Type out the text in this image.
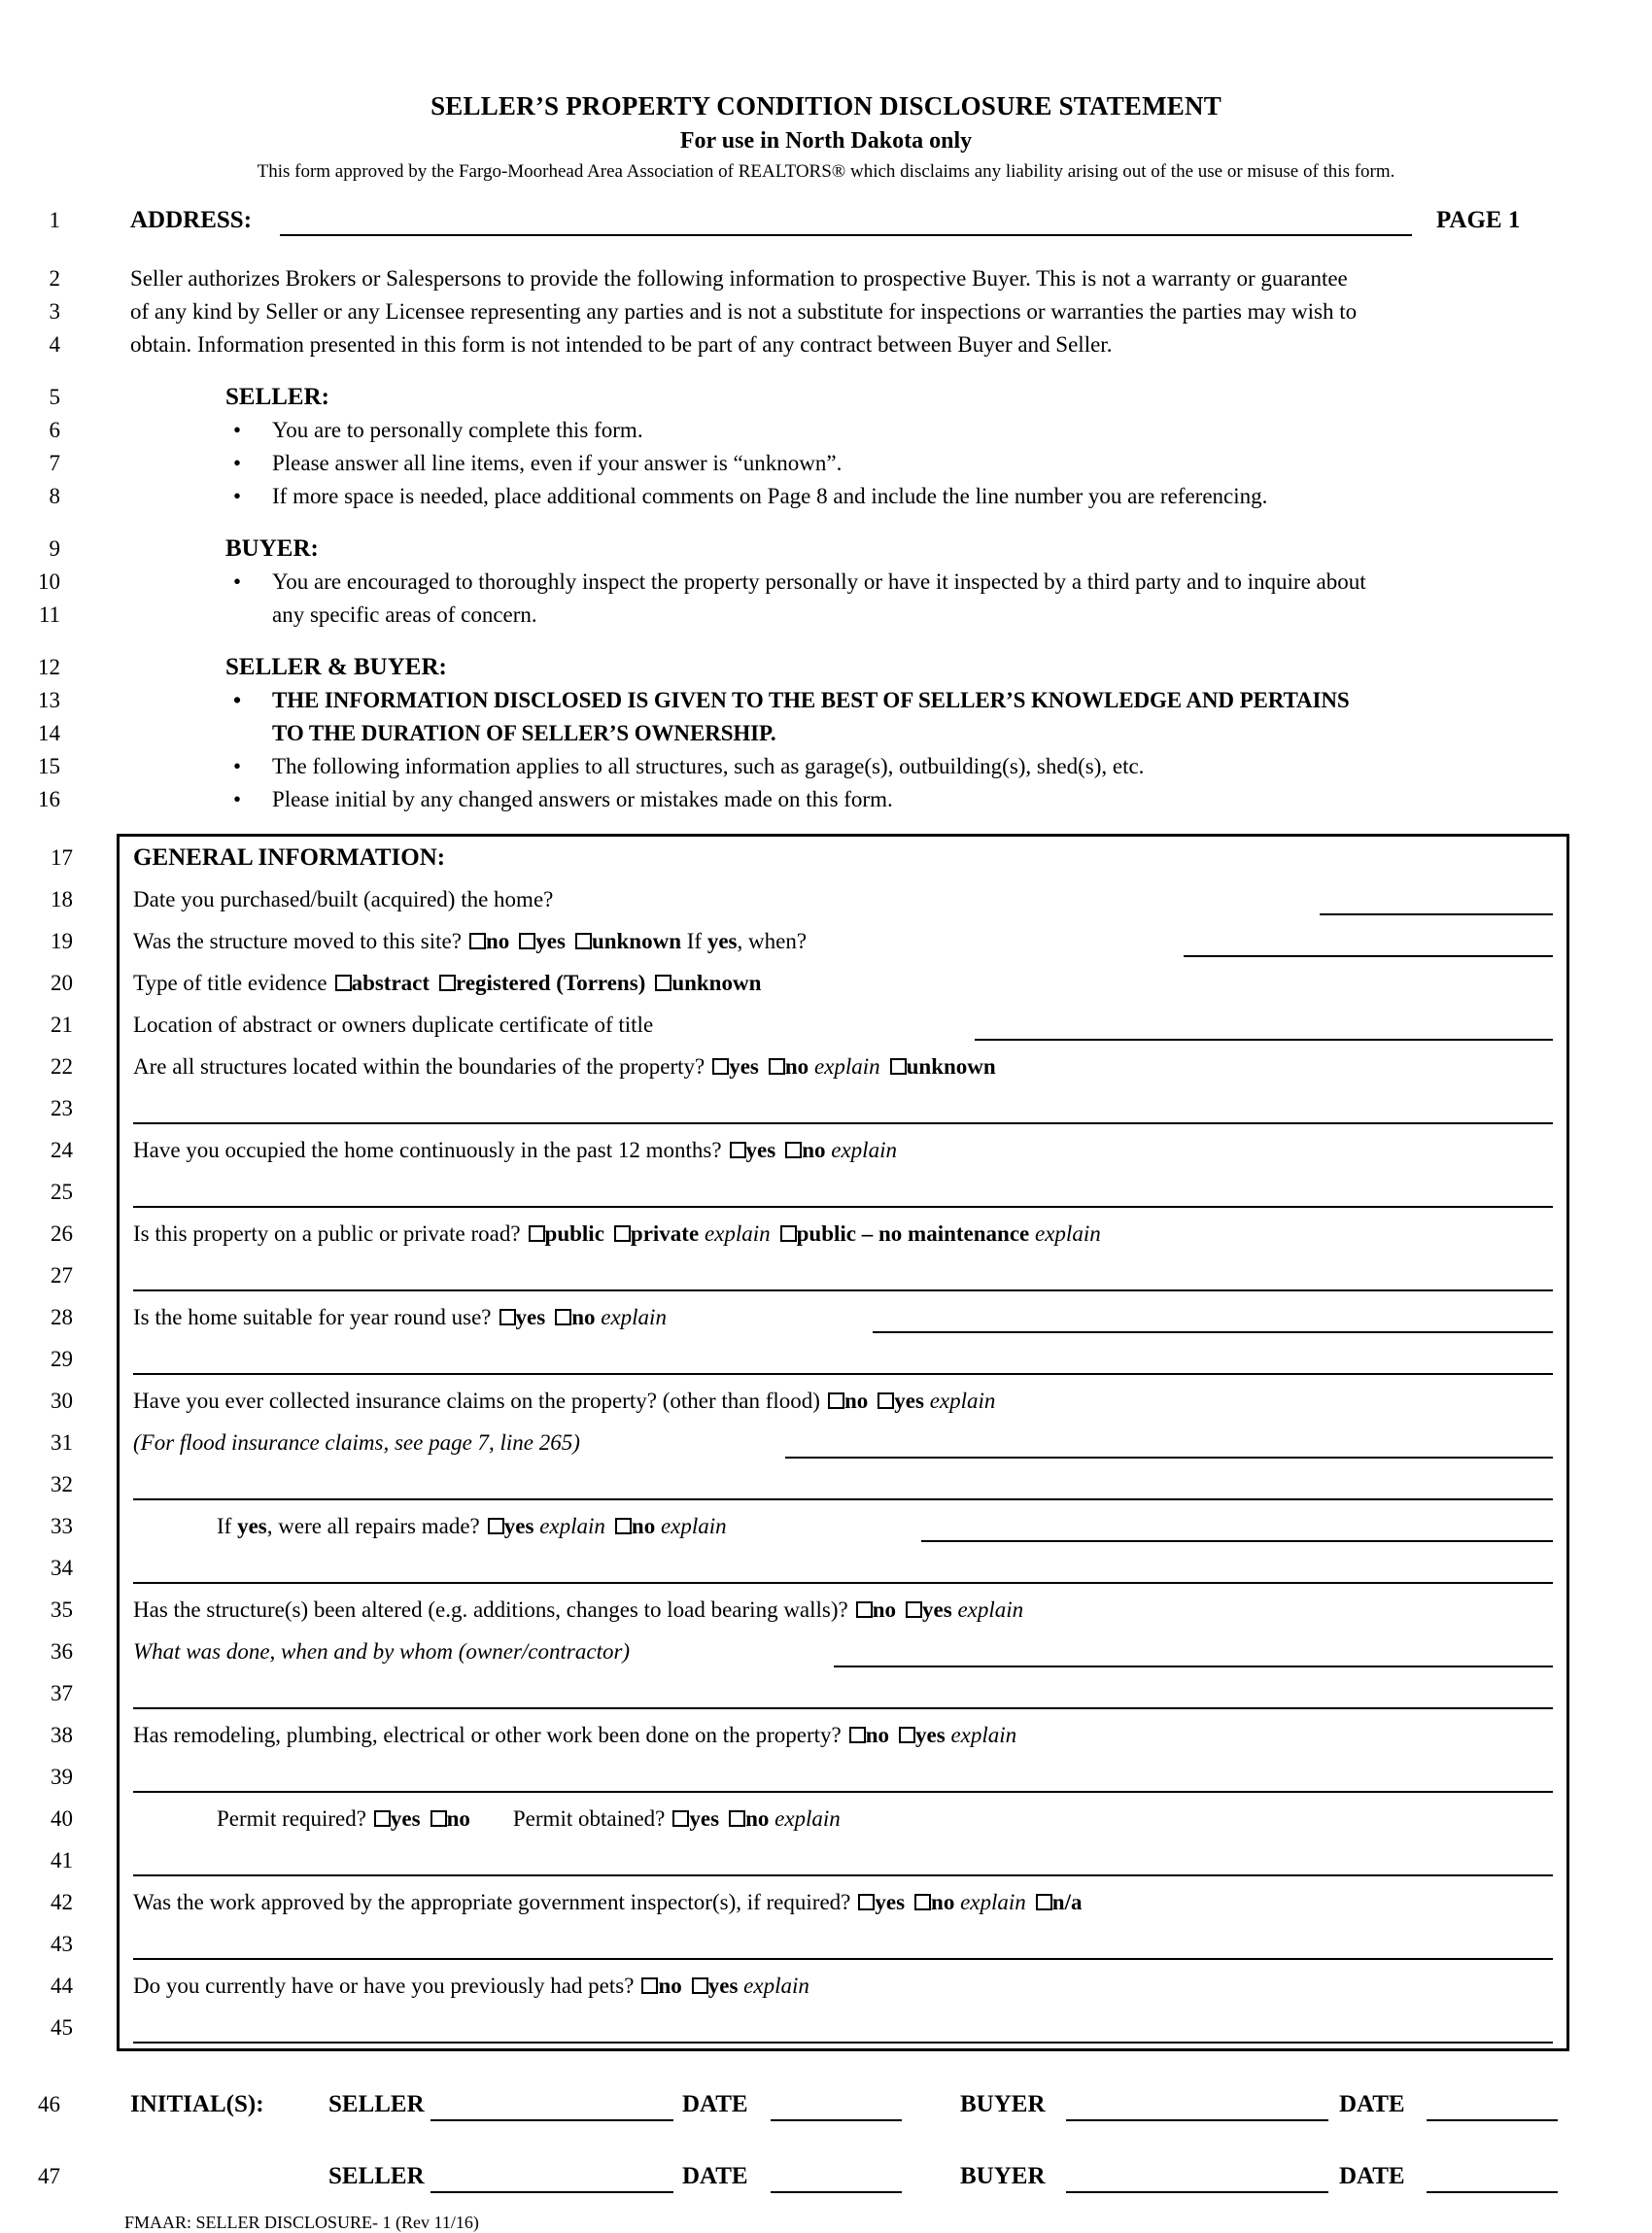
SELLER’S PROPERTY CONDITION DISCLOSURE STATEMENT
For use in North Dakota only
This form approved by the Fargo-Moorhead Area Association of REALTORS® which disclaims any liability arising out of the use or misuse of this form.
1	ADDRESS:	PAGE 1
2	Seller authorizes Brokers or Salespersons to provide the following information to prospective Buyer. This is not a warranty or guarantee
3	of any kind by Seller or any Licensee representing any parties and is not a substitute for inspections or warranties the parties may wish to
4	obtain. Information presented in this form is not intended to be part of any contract between Buyer and Seller.
5	SELLER:
6	• You are to personally complete this form.
7	• Please answer all line items, even if your answer is “unknown”.
8	• If more space is needed, place additional comments on Page 8 and include the line number you are referencing.
9	BUYER:
10	• You are encouraged to thoroughly inspect the property personally or have it inspected by a third party and to inquire about
11	any specific areas of concern.
12	SELLER & BUYER:
13	• THE INFORMATION DISCLOSED IS GIVEN TO THE BEST OF SELLER’S KNOWLEDGE AND PERTAINS
14	TO THE DURATION OF SELLER’S OWNERSHIP.
15	• The following information applies to all structures, such as garage(s), outbuilding(s), shed(s), etc.
16	• Please initial by any changed answers or mistakes made on this form.
17 GENERAL INFORMATION:
18	Date you purchased/built (acquired) the home?
19	Was the structure moved to this site? no yes unknown If yes, when?
20	Type of title evidence abstract registered (Torrens) unknown
21	Location of abstract or owners duplicate certificate of title
22	Are all structures located within the boundaries of the property? yes no explain unknown
23
24	Have you occupied the home continuously in the past 12 months? yes no explain
25
26	Is this property on a public or private road? public private explain public – no maintenance explain
27
28	Is the home suitable for year round use? yes no explain
29
30	Have you ever collected insurance claims on the property? (other than flood) no yes explain
31	(For flood insurance claims, see page 7, line 265)
32
33	If yes, were all repairs made? yes explain no explain
34
35	Has the structure(s) been altered (e.g. additions, changes to load bearing walls)? no yes explain
36	What was done, when and by whom (owner/contractor)
37
38	Has remodeling, plumbing, electrical or other work been done on the property? no yes explain
39
40	Permit required? yes no Permit obtained? yes no explain
41
42	Was the work approved by the appropriate government inspector(s), if required? yes no explain n/a
43
44	Do you currently have or have you previously had pets? no yes explain
45
46	INITIAL(S):	SELLER	DATE	BUYER	DATE
47	SELLER	DATE	BUYER	DATE
FMAAR: SELLER DISCLOSURE- 1 (Rev 11/16)
